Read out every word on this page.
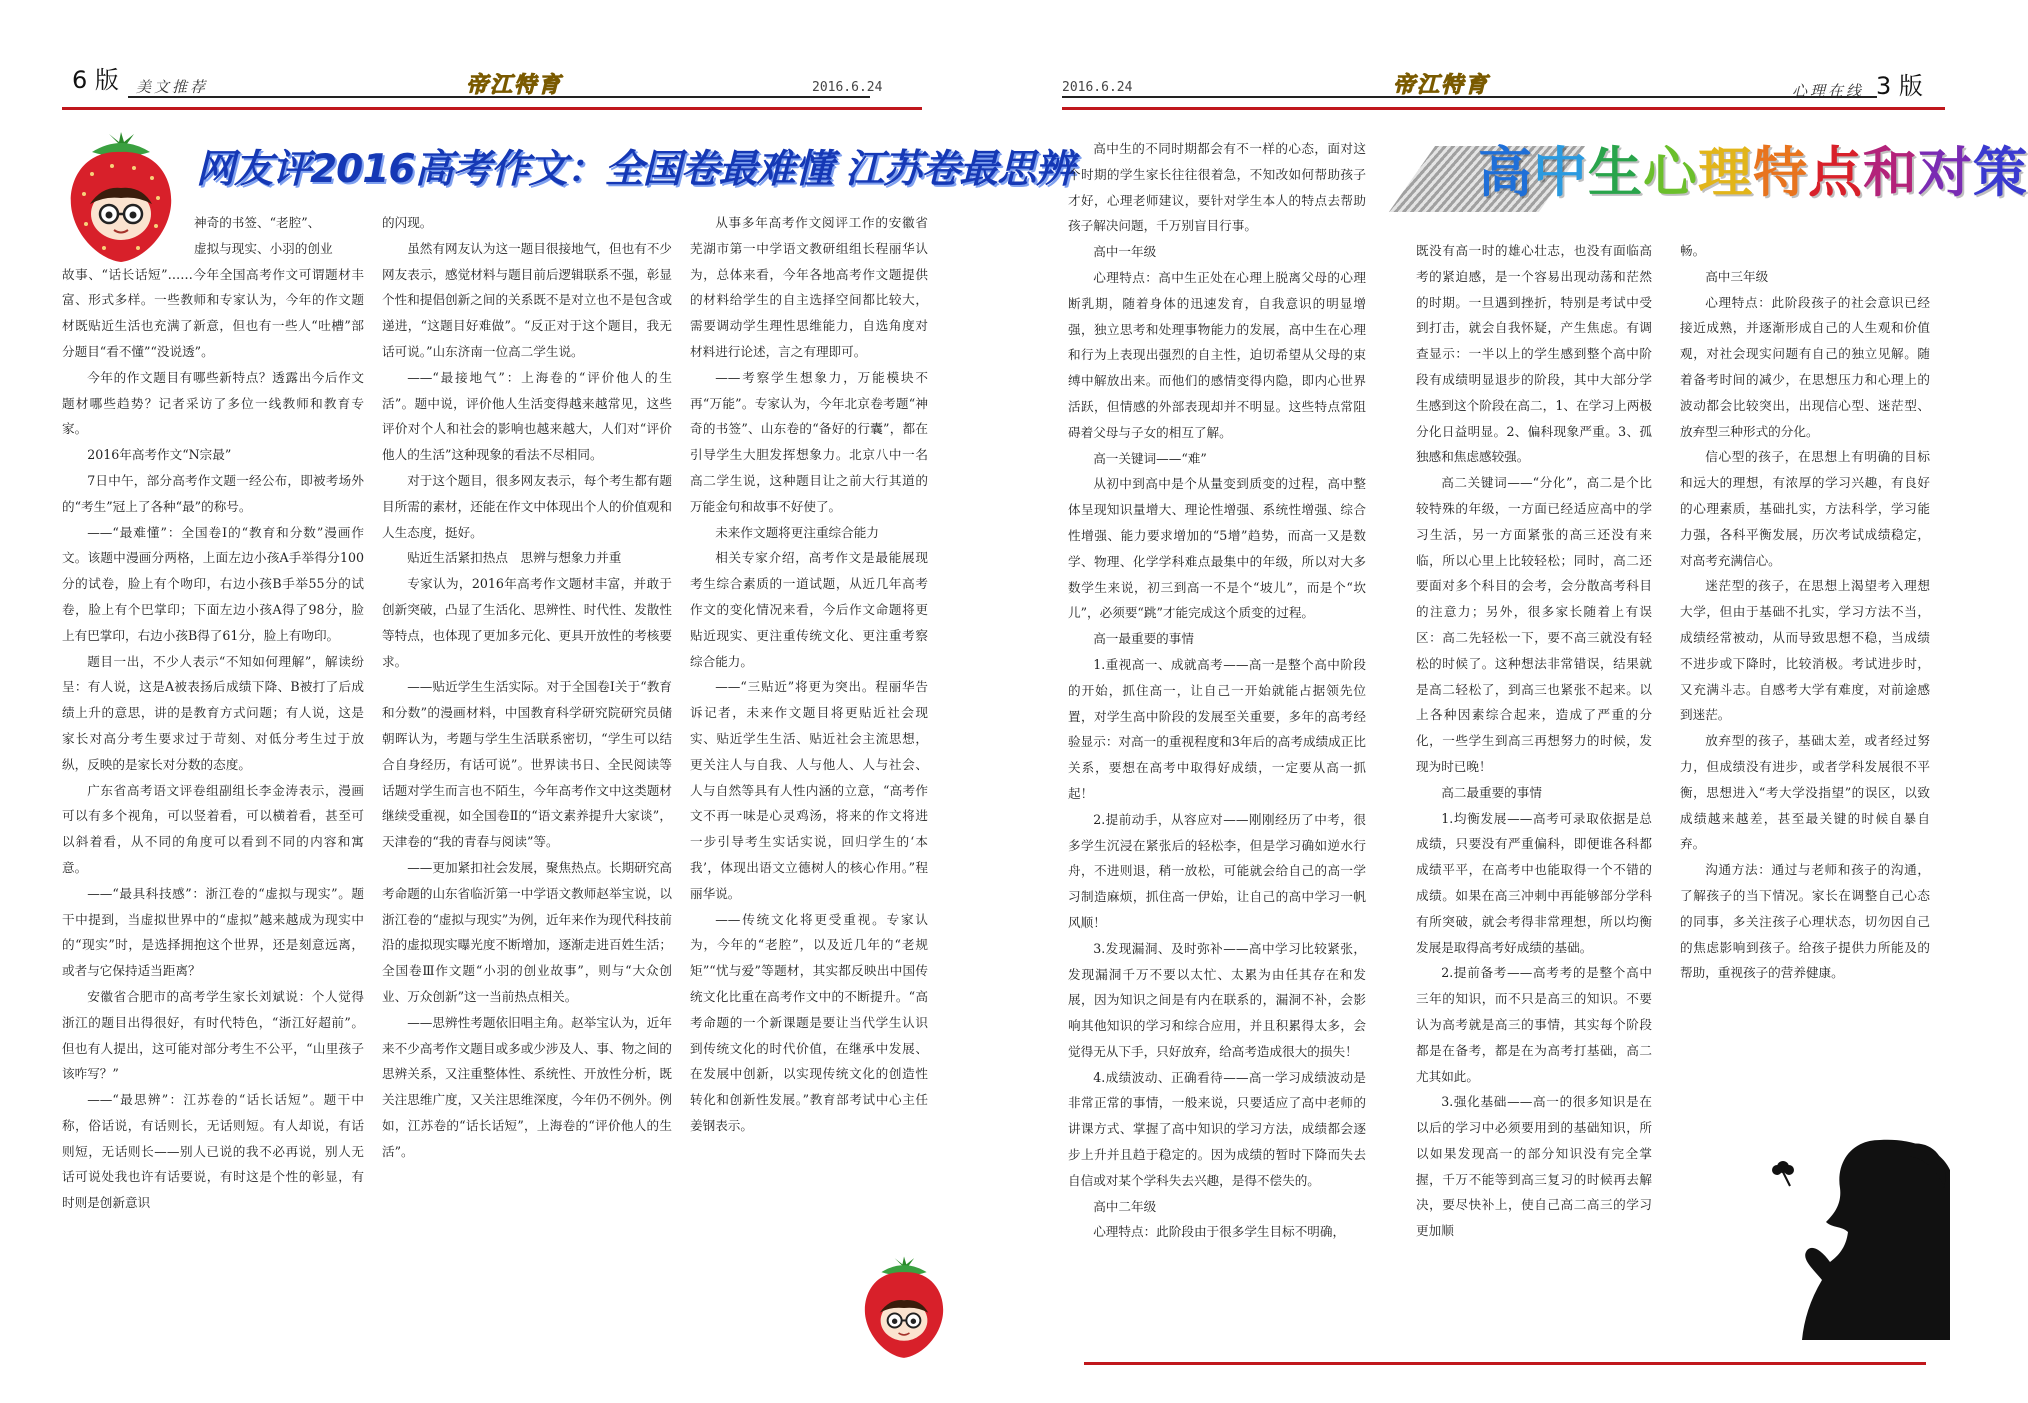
6 版 美文推荐	帝江特育	2016.6.24
网友评2016高考作文：全国卷最难懂 江苏卷最思辨

神奇的书签、“老腔”、

虚拟与现实、小羽的创业

故事、“话长话短”……今年全国高考作文可谓题材丰富、形式多样。一些教师和专家认为，今年的作文题材既贴近生活也充满了新意，但也有一些人“吐槽”部分题目“看不懂”“没说透”。

今年的作文题目有哪些新特点？透露出今后作文题材哪些趋势？记者采访了多位一线教师和教育专家。

2016年高考作文“N宗最”

7日中午，部分高考作文题一经公布，即被考场外的“考生”冠上了各种“最”的称号。

——“最难懂”：全国卷Ⅰ的“教育和分数”漫画作文。该题中漫画分两格，上面左边小孩A手举得分100分的试卷，脸上有个吻印，右边小孩B手举55分的试卷，脸上有个巴掌印；下面左边小孩A得了98分，脸上有巴掌印，右边小孩B得了61分，脸上有吻印。

题目一出，不少人表示“不知如何理解”，解读纷呈：有人说，这是A被表扬后成绩下降、B被打了后成绩上升的意思，讲的是教育方式问题；有人说，这是家长对高分考生要求过于苛刻、对低分考生过于放纵，反映的是家长对分数的态度。

广东省高考语文评卷组副组长李金涛表示，漫画可以有多个视角，可以竖着看，可以横着看，甚至可以斜着看，从不同的角度可以看到不同的内容和寓意。

——“最具科技感”：浙江卷的“虚拟与现实”。题干中提到，当虚拟世界中的“虚拟”越来越成为现实中的“现实”时，是选择拥抱这个世界，还是刻意远离，或者与它保持适当距离？

安徽省合肥市的高考学生家长刘斌说：个人觉得浙江的题目出得很好，有时代特色，“浙江好超前”。但也有人提出，这可能对部分考生不公平，“山里孩子该咋写？”

——“最思辨”：江苏卷的“话长话短”。题干中称，俗话说，有话则长，无话则短。有人却说，有话则短，无话则长——别人已说的我不必再说，别人无话可说处我也许有话要说，有时这是个性的彰显，有时则是创新意识

的闪现。

虽然有网友认为这一题目很接地气，但也有不少网友表示，感觉材料与题目前后逻辑联系不强，彰显个性和提倡创新之间的关系既不是对立也不是包含或递进，“这题目好难做”。“反正对于这个题目，我无话可说。”山东济南一位高二学生说。

——“最接地气”：上海卷的“评价他人的生活”。题中说，评价他人生活变得越来越常见，这些评价对个人和社会的影响也越来越大，人们对“评价他人的生活”这种现象的看法不尽相同。

对于这个题目，很多网友表示，每个考生都有题目所需的素材，还能在作文中体现出个人的价值观和人生态度，挺好。

贴近生活紧扣热点　思辨与想象力并重

专家认为，2016年高考作文题材丰富，并敢于创新突破，凸显了生活化、思辨性、时代性、发散性等特点，也体现了更加多元化、更具开放性的考核要求。

——贴近学生生活实际。对于全国卷Ⅰ关于“教育和分数”的漫画材料，中国教育科学研究院研究员储朝晖认为，考题与学生生活联系密切，“学生可以结合自身经历，有话可说”。世界读书日、全民阅读等话题对学生而言也不陌生，今年高考作文中这类题材继续受重视，如全国卷Ⅱ的“语文素养提升大家谈”，天津卷的“我的青春与阅读”等。

——更加紧扣社会发展，聚焦热点。长期研究高考命题的山东省临沂第一中学语文教师赵举宝说，以浙江卷的“虚拟与现实”为例，近年来作为现代科技前沿的虚拟现实曝光度不断增加，逐渐走进百姓生活；全国卷Ⅲ作文题“小羽的创业故事”，则与“大众创业、万众创新”这一当前热点相关。

——思辨性考题依旧唱主角。赵举宝认为，近年来不少高考作文题目或多或少涉及人、事、物之间的思辨关系，又注重整体性、系统性、开放性分析，既关注思维广度，又关注思维深度，今年仍不例外。例如，江苏卷的“话长话短”，上海卷的“评价他人的生活”。

从事多年高考作文阅评工作的安徽省芜湖市第一中学语文教研组组长程丽华认为，总体来看，今年各地高考作文题提供的材料给学生的自主选择空间都比较大，需要调动学生理性思维能力，自选角度对材料进行论述，言之有理即可。

——考察学生想象力，万能模块不再“万能”。专家认为，今年北京卷考题“神奇的书签”、山东卷的“备好的行囊”，都在引导学生大胆发挥想象力。北京八中一名高二学生说，这种题目让之前大行其道的万能金句和故事不好使了。

未来作文题将更注重综合能力

相关专家介绍，高考作文是最能展现考生综合素质的一道试题，从近几年高考作文的变化情况来看，今后作文命题将更贴近现实、更注重传统文化、更注重考察综合能力。

——“三贴近”将更为突出。程丽华告诉记者，未来作文题目将更贴近社会现实、贴近学生生活、贴近社会主流思想，更关注人与自我、人与他人、人与社会、人与自然等具有人性内涵的立意，“高考作文不再一味是心灵鸡汤，将来的作文将进一步引导考生实话实说，回归学生的‘本我’，体现出语文立德树人的核心作用。”程丽华说。

——传统文化将更受重视。专家认为，今年的“老腔”，以及近几年的“老规矩”“忧与爱”等题材，其实都反映出中国传统文化比重在高考作文中的不断提升。“高考命题的一个新课题是要让当代学生认识到传统文化的时代价值，在继承中发展、在发展中创新，以实现传统文化的创造性转化和创新性发展。”教育部考试中心主任姜钢表示。

2016.6.24	帝江特育	心理在线 3 版
高中生心理特点和对策

高中生的不同时期都会有不一样的心态，面对这个时期的学生家长往往很着急，不知改如何帮助孩子才好，心理老师建议，要针对学生本人的特点去帮助孩子解决问题，千万别盲目行事。

高中一年级

心理特点：高中生正处在心理上脱离父母的心理断乳期，随着身体的迅速发育，自我意识的明显增强，独立思考和处理事物能力的发展，高中生在心理和行为上表现出强烈的自主性，迫切希望从父母的束缚中解放出来。而他们的感情变得内隐，即内心世界活跃，但情感的外部表现却并不明显。这些特点常阻碍着父母与子女的相互了解。

高一关键词——“难”

从初中到高中是个从量变到质变的过程，高中整体呈现知识量增大、理论性增强、系统性增强、综合性增强、能力要求增加的“5增”趋势，而高一又是数学、物理、化学学科难点最集中的年级，所以对大多数学生来说，初三到高一不是个“坡儿”，而是个“坎儿”，必须要“跳”才能完成这个质变的过程。

高一最重要的事情

1.重视高一、成就高考——高一是整个高中阶段的开始，抓住高一，让自己一开始就能占据领先位置，对学生高中阶段的发展至关重要，多年的高考经验显示：对高一的重视程度和3年后的高考成绩成正比关系，要想在高考中取得好成绩，一定要从高一抓起！

2.提前动手，从容应对——刚刚经历了中考，很多学生沉浸在紧张后的轻松李，但是学习确如逆水行舟，不进则退，稍一放松，可能就会给自己的高一学习制造麻烦，抓住高一伊始，让自己的高中学习一帆风顺！

3.发现漏洞、及时弥补——高中学习比较紧张，发现漏洞千万不要以太忙、太累为由任其存在和发展，因为知识之间是有内在联系的，漏洞不补，会影响其他知识的学习和综合应用，并且积累得太多，会觉得无从下手，只好放弃，给高考造成很大的损失！

4.成绩波动、正确看待——高一学习成绩波动是非常正常的事情，一般来说，只要适应了高中老师的讲课方式、掌握了高中知识的学习方法，成绩都会逐步上升并且趋于稳定的。因为成绩的暂时下降而失去自信或对某个学科失去兴趣，是得不偿失的。

高中二年级

心理特点：此阶段由于很多学生目标不明确，

既没有高一时的雄心壮志，也没有面临高考的紧迫感，是一个容易出现动荡和茫然的时期。一旦遇到挫折，特别是考试中受到打击，就会自我怀疑，产生焦虑。有调查显示：一半以上的学生感到整个高中阶段有成绩明显退步的阶段，其中大部分学生感到这个阶段在高二，1、在学习上两极分化日益明显。2、偏科现象严重。3、孤独感和焦虑感较强。

高二关键词——“分化”，高二是个比较特殊的年级，一方面已经适应高中的学习生活，另一方面紧张的高三还没有来临，所以心里上比较轻松；同时，高二还要面对多个科目的会考，会分散高考科目的注意力；另外，很多家长随着上有误区：高二先轻松一下，要不高三就没有轻松的时候了。这种想法非常错误，结果就是高二轻松了，到高三也紧张不起来。以上各种因素综合起来，造成了严重的分化，一些学生到高三再想努力的时候，发现为时已晚！

高二最重要的事情

1.均衡发展——高考可录取依据是总成绩，只要没有严重偏科，即便谁各科都成绩平平，在高考中也能取得一个不错的成绩。如果在高三冲刺中再能够部分学科有所突破，就会考得非常理想，所以均衡发展是取得高考好成绩的基础。

2.提前备考——高考考的是整个高中三年的知识，而不只是高三的知识。不要认为高考就是高三的事情，其实每个阶段都是在备考，都是在为高考打基础，高二尤其如此。

3.强化基础——高一的很多知识是在以后的学习中必须要用到的基础知识，所以如果发现高一的部分知识没有完全掌握，千万不能等到高三复习的时候再去解决，要尽快补上，使自己高二高三的学习更加顺

畅。

高中三年级

心理特点：此阶段孩子的社会意识已经接近成熟，并逐渐形成自己的人生观和价值观，对社会现实问题有自己的独立见解。随着备考时间的减少，在思想压力和心理上的波动都会比较突出，出现信心型、迷茫型、放弃型三种形式的分化。

信心型的孩子，在思想上有明确的目标和远大的理想，有浓厚的学习兴趣，有良好的心理素质，基础扎实，方法科学，学习能力强，各科平衡发展，历次考试成绩稳定，对高考充满信心。

迷茫型的孩子，在思想上渴望考入理想大学，但由于基础不扎实，学习方法不当，成绩经常被动，从而导致思想不稳，当成绩不进步或下降时，比较消极。考试进步时，又充满斗志。自感考大学有难度，对前途感到迷茫。

放弃型的孩子，基础太差，或者经过努力，但成绩没有进步，或者学科发展很不平衡，思想进入“考大学没指望”的误区，以致成绩越来越差，甚至最关键的时候自暴自弃。

沟通方法：通过与老师和孩子的沟通，了解孩子的当下情况。家长在调整自己心态的同事，多关注孩子心理状态，切勿因自己的焦虑影响到孩子。给孩子提供力所能及的帮助，重视孩子的营养健康。
